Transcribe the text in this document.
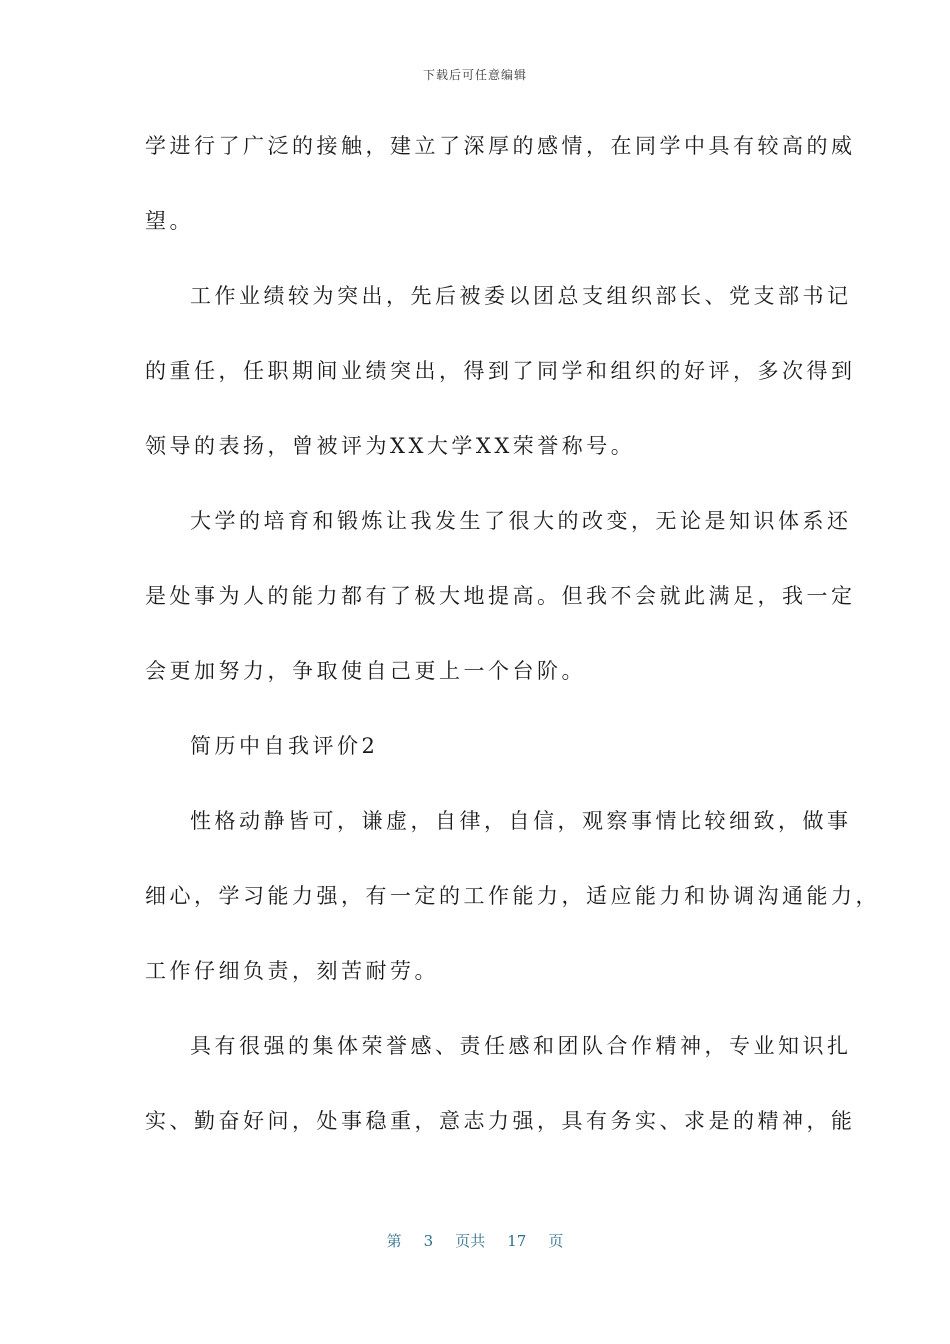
下载后可任意编辑
学进行了广泛的接触，建立了深厚的感情，在同学中具有较高的威
望。
工作业绩较为突出，先后被委以团总支组织部长、党支部书记
的重任，任职期间业绩突出，得到了同学和组织的好评，多次得到
领导的表扬，曾被评为XX大学XX荣誉称号。
大学的培育和锻炼让我发生了很大的改变，无论是知识体系还
是处事为人的能力都有了极大地提高。但我不会就此满足，我一定
会更加努力，争取使自己更上一个台阶。
简历中自我评价2
性格动静皆可，谦虚，自律，自信，观察事情比较细致，做事
细心，学习能力强，有一定的工作能力，适应能力和协调沟通能力，
工作仔细负责，刻苦耐劳。
具有很强的集体荣誉感、责任感和团队合作精神，专业知识扎
实、勤奋好问，处事稳重，意志力强，具有务实、求是的精神，能
第 3 页共 17 页
